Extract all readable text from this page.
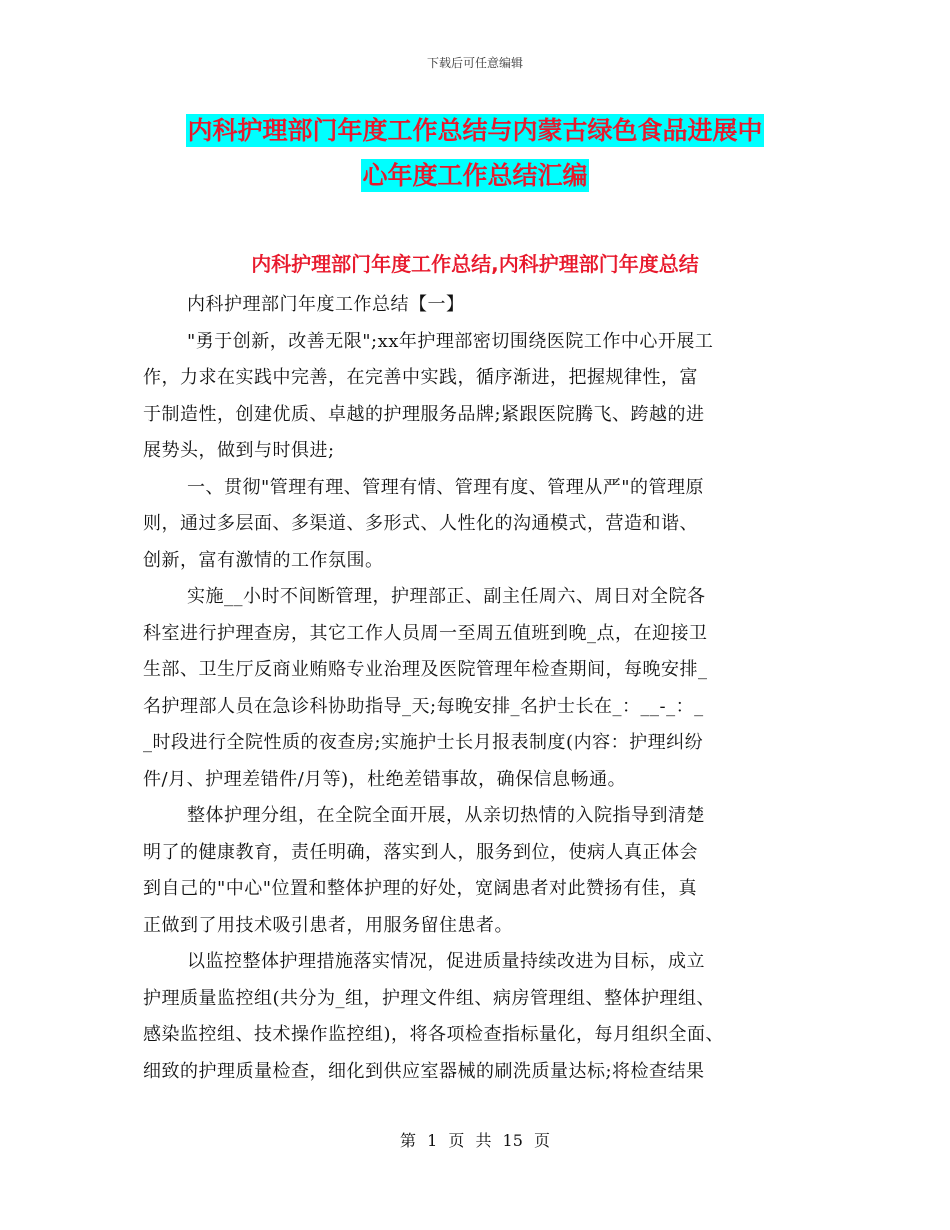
下载后可任意编辑
内科护理部门年度工作总结与内蒙古绿色食品进展中
心年度工作总结汇编
内科护理部门年度工作总结,内科护理部门年度总结
内科护理部门年度工作总结【一】
"勇于创新，改善无限";xx年护理部密切围绕医院工作中心开展工
作，力求在实践中完善，在完善中实践，循序渐进，把握规律性，富
于制造性，创建优质、卓越的护理服务品牌;紧跟医院腾飞、跨越的进
展势头，做到与时俱进;
一、贯彻"管理有理、管理有情、管理有度、管理从严"的管理原
则，通过多层面、多渠道、多形式、人性化的沟通模式，营造和谐、
创新，富有激情的工作氛围。
实施__小时不间断管理，护理部正、副主任周六、周日对全院各
科室进行护理查房，其它工作人员周一至周五值班到晚_点，在迎接卫
生部、卫生厅反商业贿赂专业治理及医院管理年检查期间，每晚安排_
名护理部人员在急诊科协助指导_天;每晚安排_名护士长在_：__-_：_
_时段进行全院性质的夜查房;实施护士长月报表制度(内容：护理纠纷
件/月、护理差错件/月等)，杜绝差错事故，确保信息畅通。
整体护理分组，在全院全面开展，从亲切热情的入院指导到清楚
明了的健康教育，责任明确，落实到人，服务到位，使病人真正体会
到自己的"中心"位置和整体护理的好处，宽阔患者对此赞扬有佳，真
正做到了用技术吸引患者，用服务留住患者。
以监控整体护理措施落实情况，促进质量持续改进为目标，成立
护理质量监控组(共分为_组，护理文件组、病房管理组、整体护理组、
感染监控组、技术操作监控组)，将各项检查指标量化，每月组织全面、
细致的护理质量检查，细化到供应室器械的刷洗质量达标;将检查结果
第 1 页 共 15 页
